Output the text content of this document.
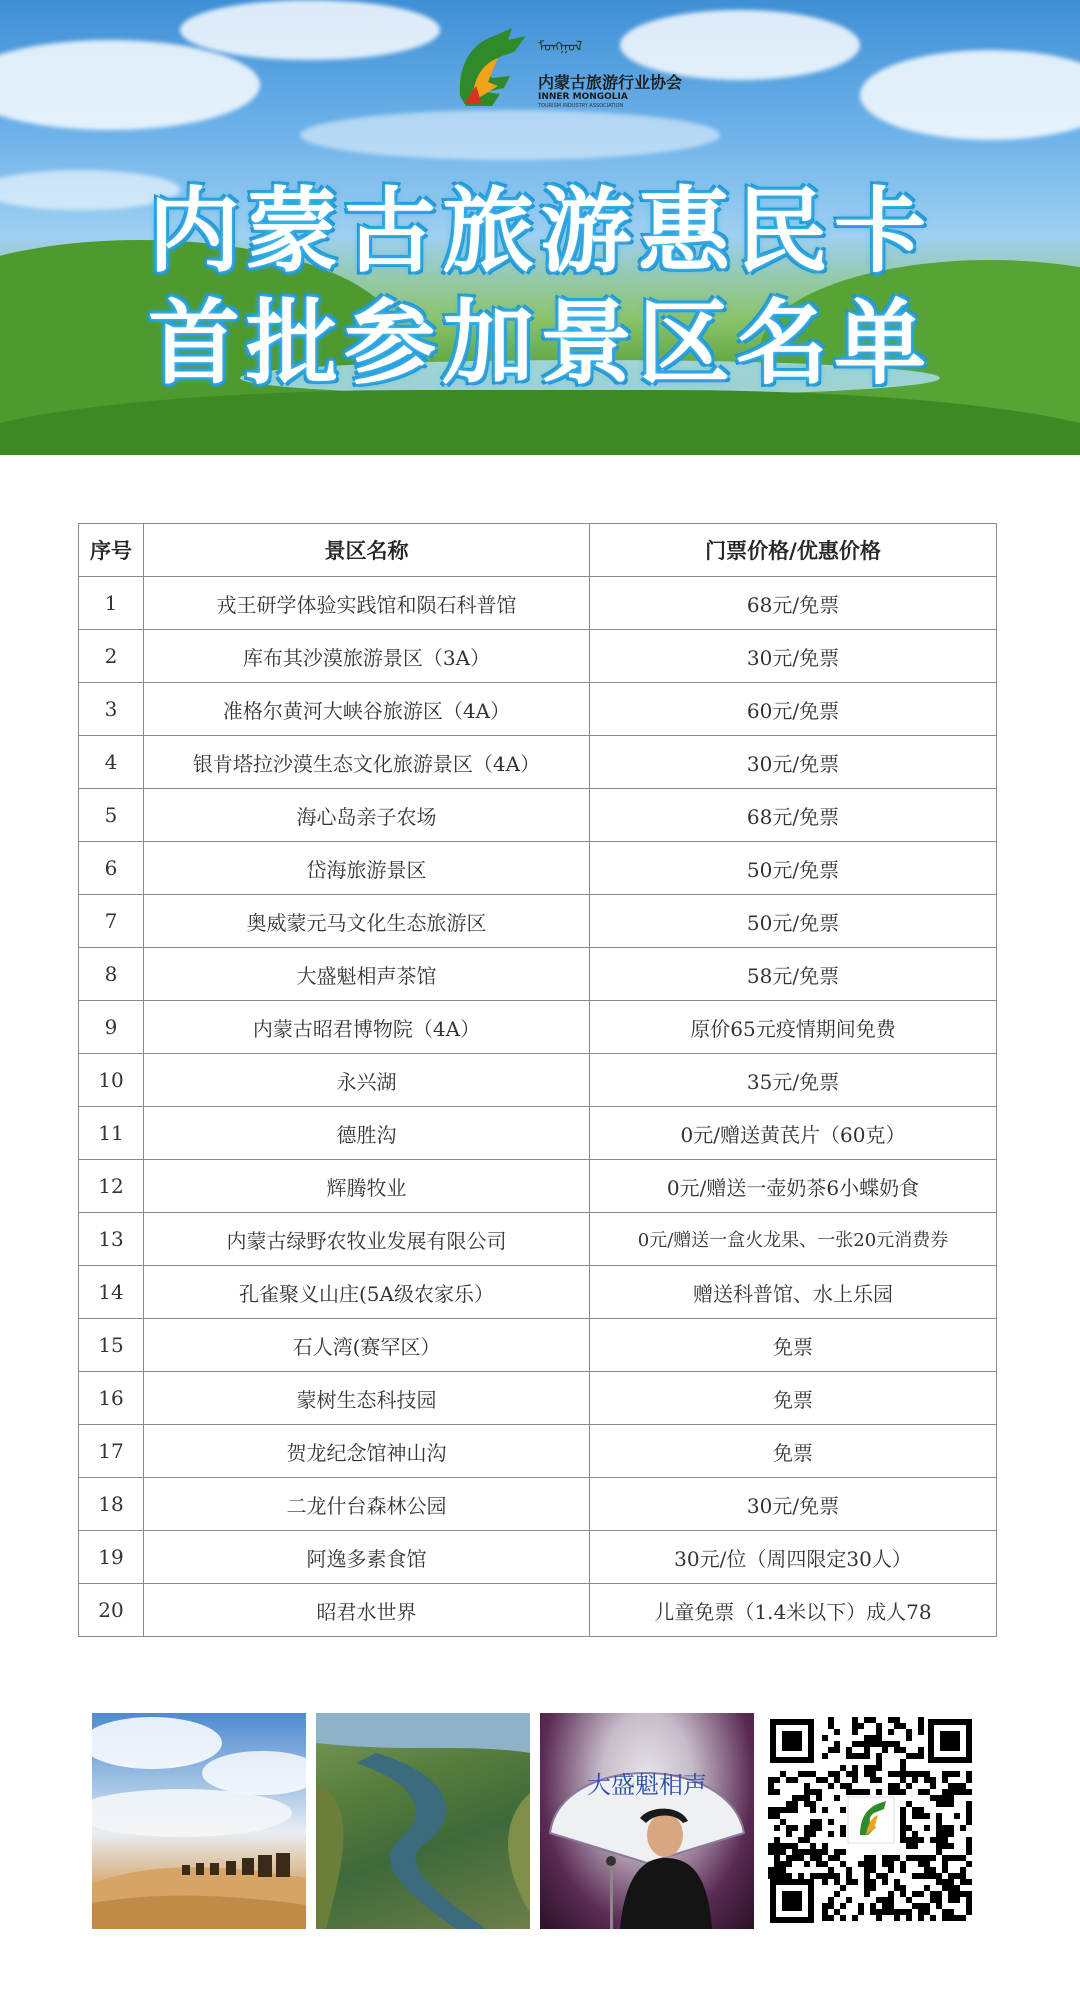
ᠮᠣᠩᠭᠣᠯ
内蒙古旅游行业协会
INNER MONGOLIA
TOURISM INDUSTRY ASSOCIATION
内蒙古旅游惠民卡
首批参加景区名单
序号	景区名称	门票价格/优惠价格
1	戎王研学体验实践馆和陨石科普馆	68元/免票
2	库布其沙漠旅游景区（3A）	30元/免票
3	准格尔黄河大峡谷旅游区（4A）	60元/免票
4	银肯塔拉沙漠生态文化旅游景区（4A）	30元/免票
5	海心岛亲子农场	68元/免票
6	岱海旅游景区	50元/免票
7	奥威蒙元马文化生态旅游区	50元/免票
8	大盛魁相声茶馆	58元/免票
9	内蒙古昭君博物院（4A）	原价65元疫情期间免费
10	永兴湖	35元/免票
11	德胜沟	0元/赠送黄芪片（60克）
12	辉腾牧业	0元/赠送一壶奶茶6小蝶奶食
13	内蒙古绿野农牧业发展有限公司	0元/赠送一盒火龙果、一张20元消费券
14	孔雀聚义山庄(5A级农家乐）	赠送科普馆、水上乐园
15	石人湾(赛罕区）	免票
16	蒙树生态科技园	免票
17	贺龙纪念馆神山沟	免票
18	二龙什台森林公园	30元/免票
19	阿逸多素食馆	30元/位（周四限定30人）
20	昭君水世界	儿童免票（1.4米以下）成人78
大盛魁相声
